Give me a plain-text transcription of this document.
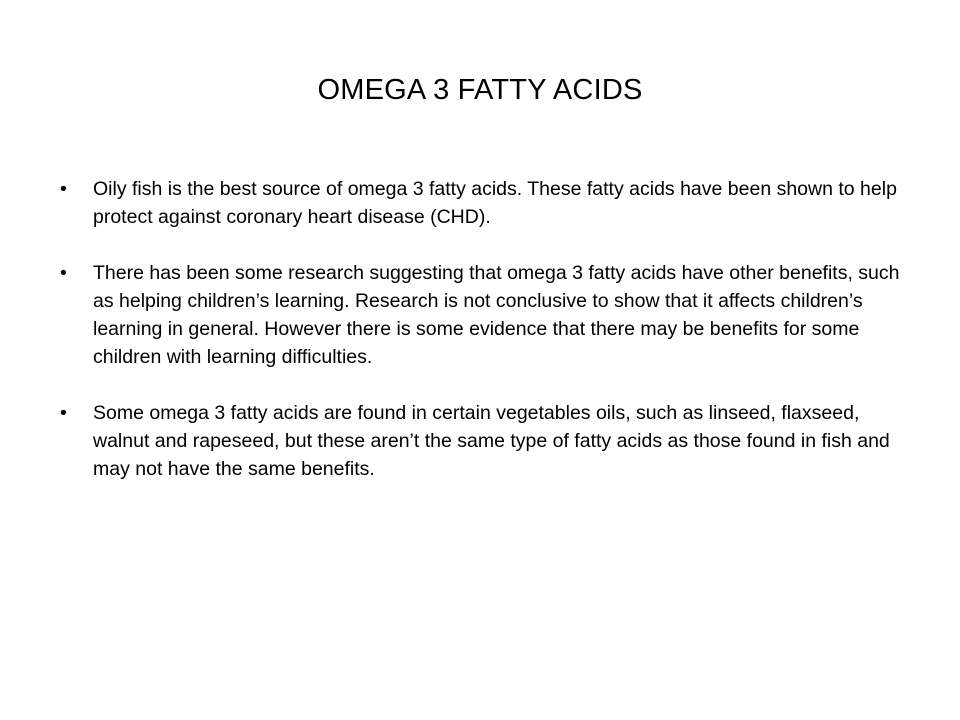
OMEGA 3 FATTY ACIDS
•	Oily fish is the best source of omega 3 fatty acids. These fatty acids have been shown to help protect against coronary heart disease (CHD).
•	There has been some research suggesting that omega 3 fatty acids have other benefits, such as helping children’s learning. Research is not conclusive to show that it affects children’s learning in general. However there is some evidence that there may be benefits for some children with learning difficulties.
•	Some omega 3 fatty acids are found in certain vegetables oils, such as linseed, flaxseed, walnut and rapeseed, but these aren’t the same type of fatty acids as those found in fish and may not have the same benefits.
